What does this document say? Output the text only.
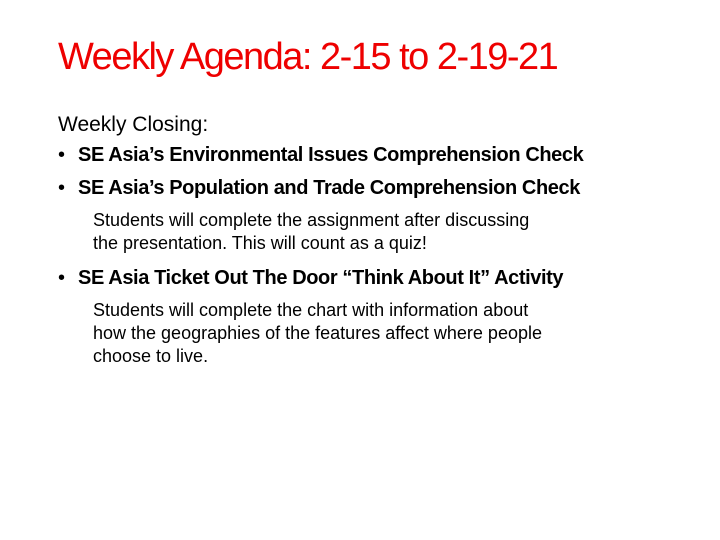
Weekly Agenda: 2-15 to 2-19-21
Weekly Closing:
• SE Asia’s Environmental Issues Comprehension Check
• SE Asia’s Population and Trade Comprehension Check
Students will complete the assignment after discussing
the presentation. This will count as a quiz!
• SE Asia Ticket Out The Door “Think About It” Activity
Students will complete the chart with information about
how the geographies of the features affect where people
choose to live.
